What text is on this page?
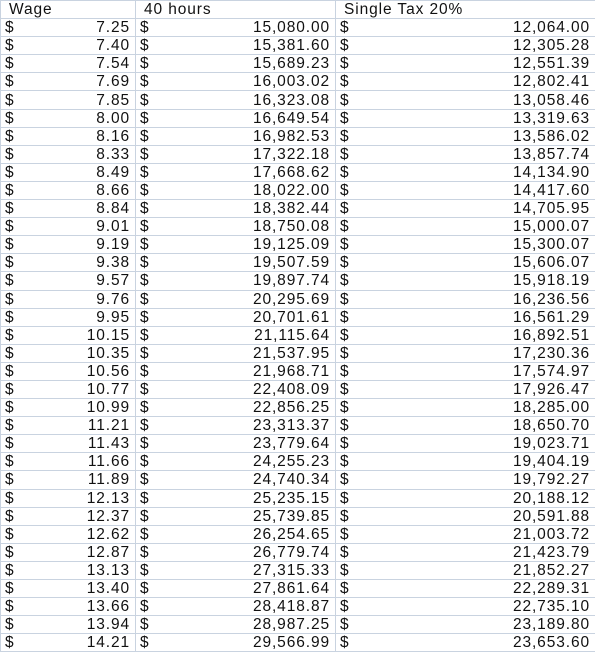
Wage	40 hours	Single Tax 20%

$ 7.25	$ 15,080.00	$ 12,064.00

$ 7.40	$ 15,381.60	$ 12,305.28

$ 7.54	$ 15,689.23	$ 12,551.39

$ 7.69	$ 16,003.02	$ 12,802.41

$ 7.85	$ 16,323.08	$ 13,058.46

$ 8.00	$ 16,649.54	$ 13,319.63

$ 8.16	$ 16,982.53	$ 13,586.02

$ 8.33	$ 17,322.18	$ 13,857.74

$ 8.49	$ 17,668.62	$ 14,134.90

$ 8.66	$ 18,022.00	$ 14,417.60

$ 8.84	$ 18,382.44	$ 14,705.95

$ 9.01	$ 18,750.08	$ 15,000.07

$ 9.19	$ 19,125.09	$ 15,300.07

$ 9.38	$ 19,507.59	$ 15,606.07

$ 9.57	$ 19,897.74	$ 15,918.19

$ 9.76	$ 20,295.69	$ 16,236.56

$ 9.95	$ 20,701.61	$ 16,561.29

$ 10.15	$ 21,115.64	$ 16,892.51

$ 10.35	$ 21,537.95	$ 17,230.36

$ 10.56	$ 21,968.71	$ 17,574.97

$ 10.77	$ 22,408.09	$ 17,926.47

$ 10.99	$ 22,856.25	$ 18,285.00

$ 11.21	$ 23,313.37	$ 18,650.70

$ 11.43	$ 23,779.64	$ 19,023.71

$ 11.66	$ 24,255.23	$ 19,404.19

$ 11.89	$ 24,740.34	$ 19,792.27

$ 12.13	$ 25,235.15	$ 20,188.12

$ 12.37	$ 25,739.85	$ 20,591.88

$ 12.62	$ 26,254.65	$ 21,003.72

$ 12.87	$ 26,779.74	$ 21,423.79

$ 13.13	$ 27,315.33	$ 21,852.27

$ 13.40	$ 27,861.64	$ 22,289.31

$ 13.66	$ 28,418.87	$ 22,735.10

$ 13.94	$ 28,987.25	$ 23,189.80

$ 14.21	$ 29,566.99	$ 23,653.60
